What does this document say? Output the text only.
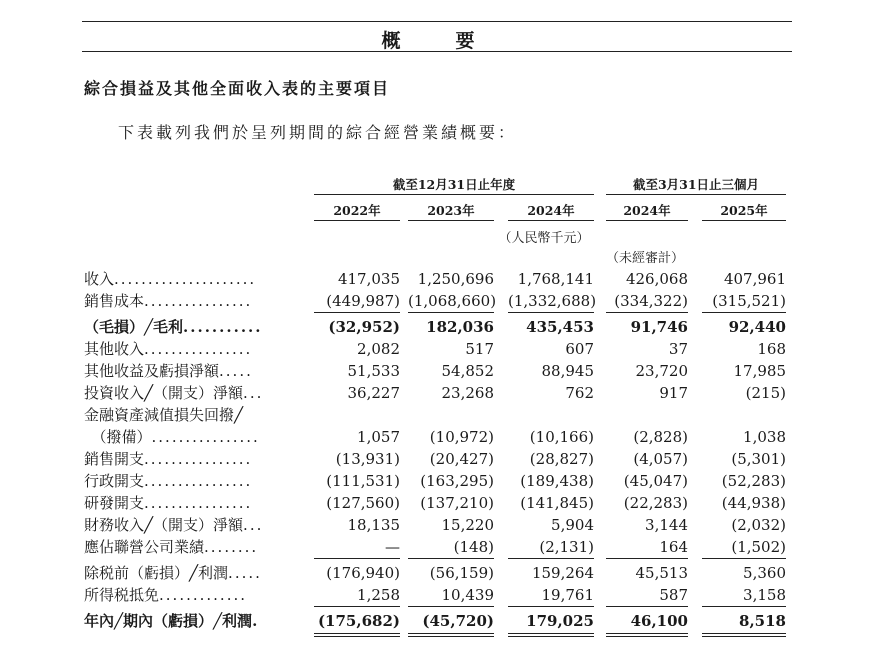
概　要
綜合損益及其他全面收入表的主要項目
下表載列我們於呈列期間的綜合經營業績概要：
截至12月31日止年度	截至3月31日止三個月
2022年	2023年	2024年	2024年	2025年
（人民幣千元）
（未經審計）
收入.....................	417,035	1,250,696	1,768,141	426,068	407,961
銷售成本................	(449,987) (1,068,660) (1,332,688)	(334,322)	(315,521)
（毛損）╱毛利...........	(32,952)	182,036	435,453	91,746	92,440
其他收入................	2,082	517	607	37	168
其他收益及虧損淨額.....	51,533	54,852	88,945	23,720	17,985
投資收入╱（開支）淨額...	36,227	23,268	762	917	(215)
金融資產減值損失回撥╱
　（撥備）................	1,057	(10,972)	(10,166)	(2,828)	1,038
銷售開支................	(13,931)	(20,427)	(28,827)	(4,057)	(5,301)
行政開支................	(111,531)	(163,295)	(189,438)	(45,047)	(52,283)
研發開支................	(127,560)	(137,210)	(141,845)	(22,283)	(44,938)
財務收入╱（開支）淨額...	18,135	15,220	5,904	3,144	(2,032)
應佔聯營公司業績........	—	(148)	(2,131)	164	(1,502)
除税前（虧損）╱利潤.....	(176,940)	(56,159)	159,264	45,513	5,360
所得税抵免.............	1,258	10,439	19,761	587	3,158
年內╱期內（虧損）╱利潤.	(175,682)	(45,720)	179,025	46,100	8,518
